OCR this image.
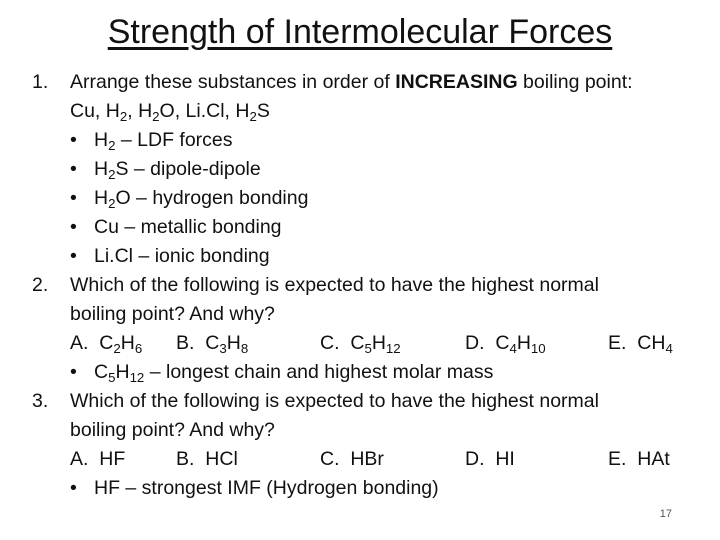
Strength of Intermolecular Forces
1. Arrange these substances in order of INCREASING boiling point:
Cu, $H_2$, $H_2O$, Li.Cl, $H_2S$
• $H_2$ – LDF forces
• $H_2S$ – dipole-dipole
• $H_2O$ – hydrogen bonding
• Cu – metallic bonding
• Li.Cl – ionic bonding
2. Which of the following is expected to have the highest normal
boiling point? And why?
A. $C_2H_6$ B. $C_3H_8$	C. $C_5H_{12}$	D. $C_4H_{10}$	E. $CH_4$
• $C_5H_{12}$ – longest chain and highest molar mass
3. Which of the following is expected to have the highest normal
boiling point? And why?
A. HF	B. HCl	C. HBr	D. HI	E. HAt
• HF – strongest IMF (Hydrogen bonding)
17
